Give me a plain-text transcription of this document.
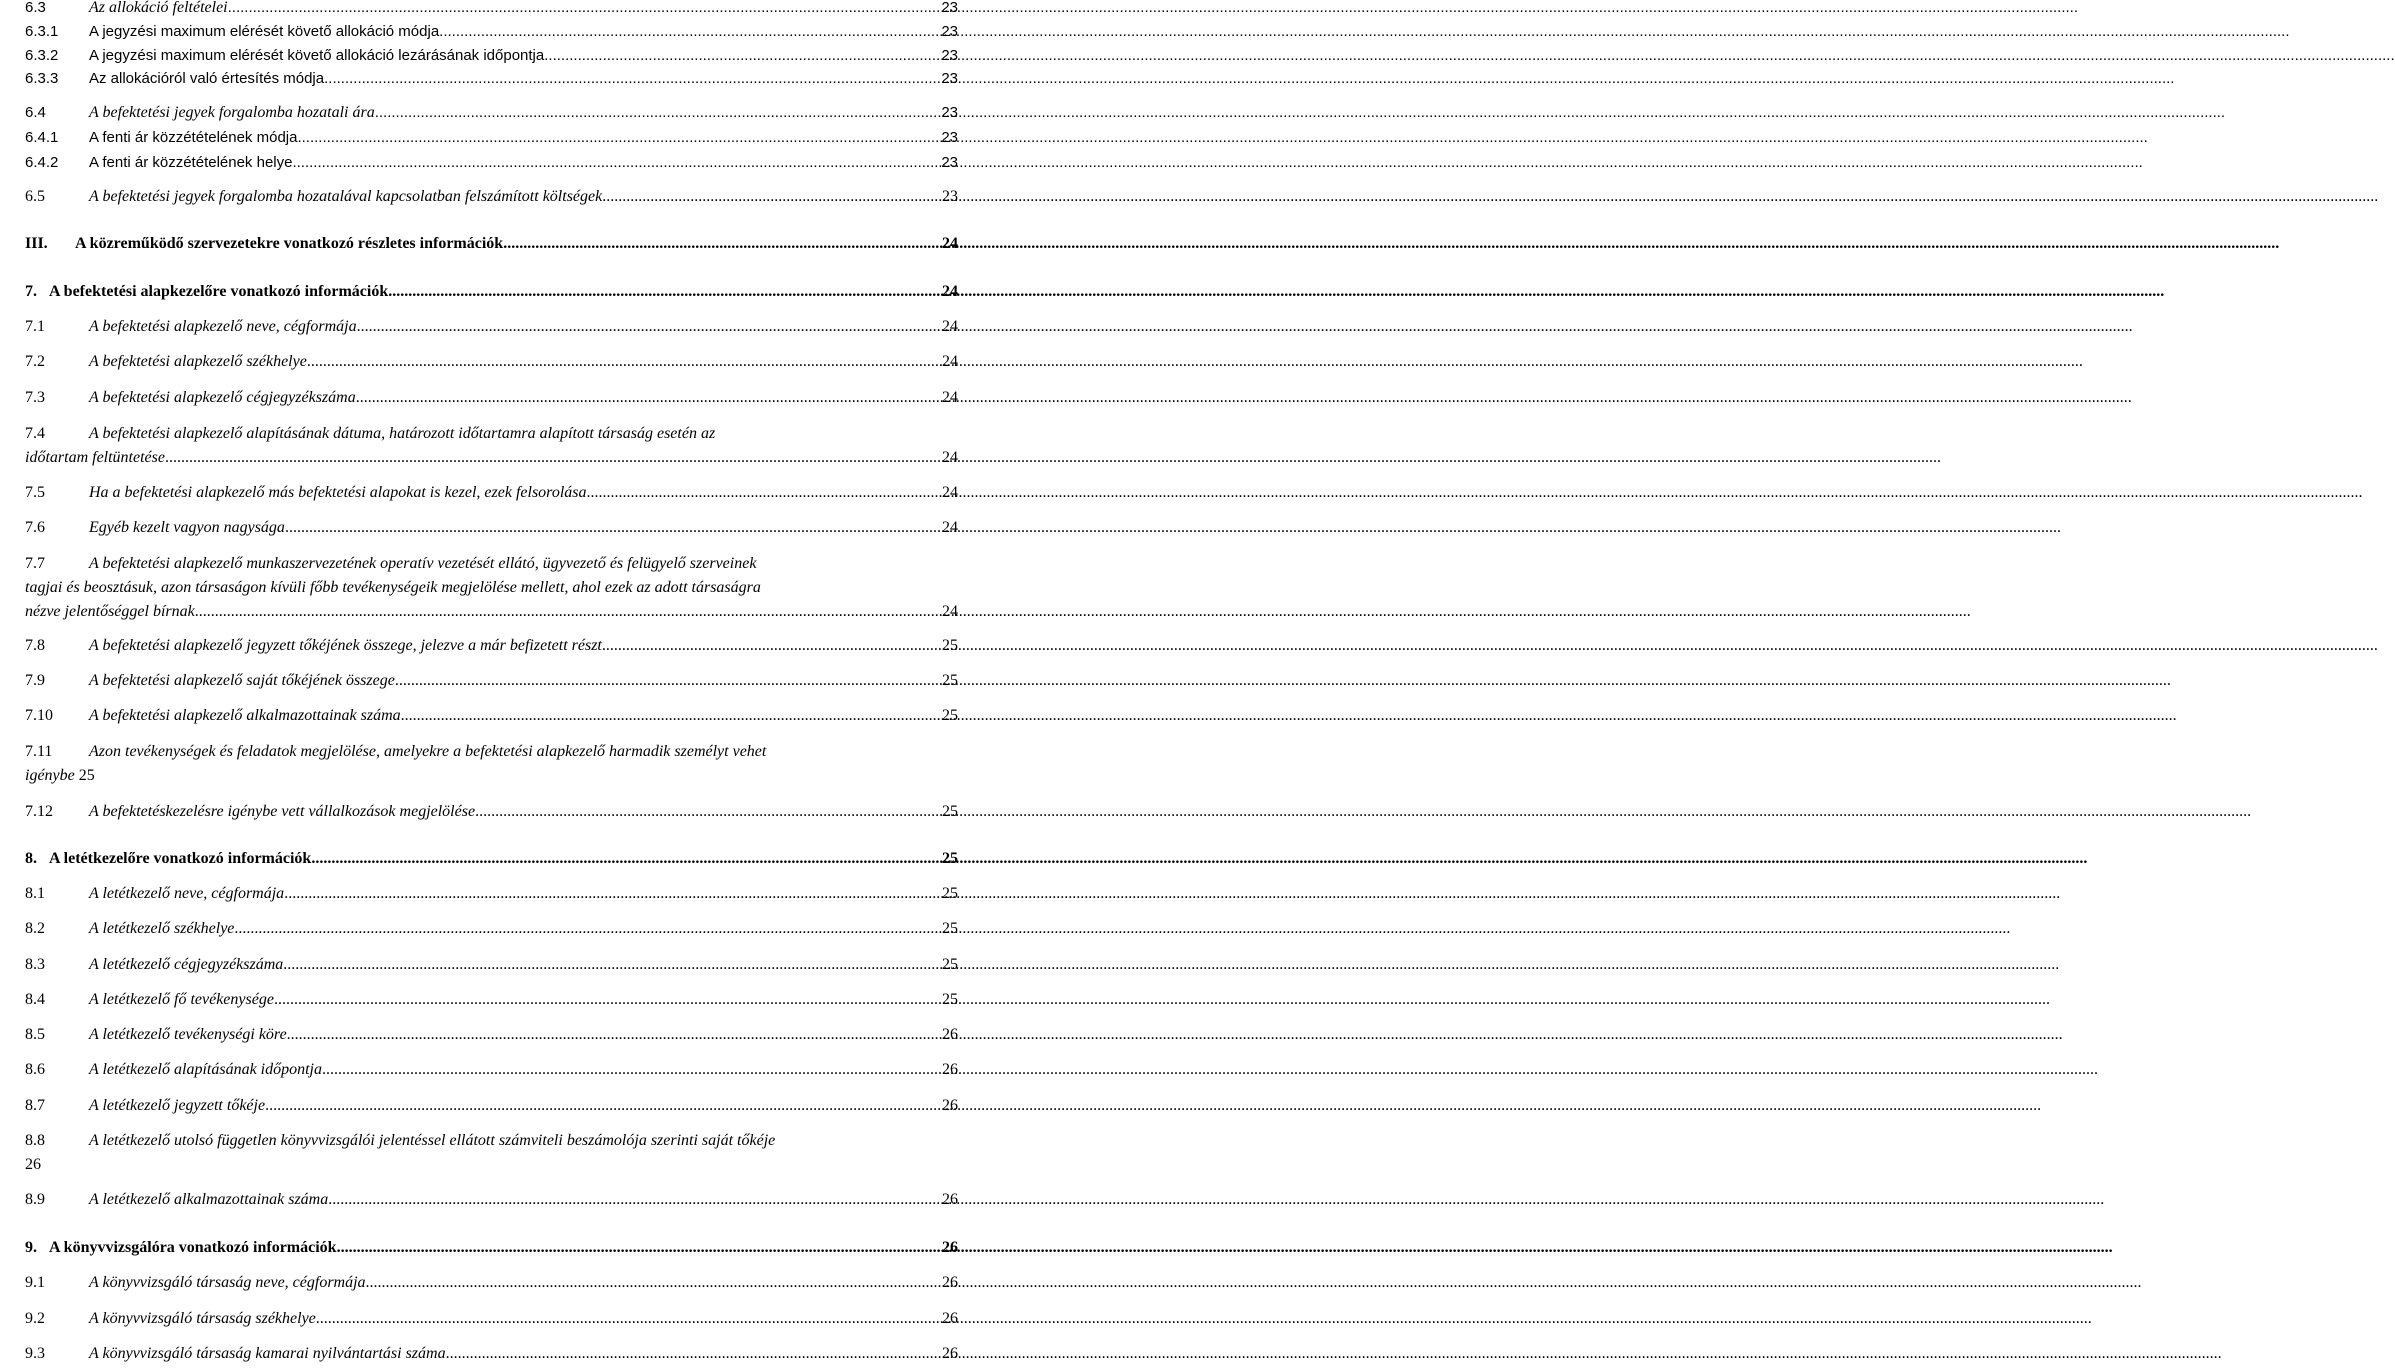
6.3	Az allokáció feltételei .....	23
6.3.1	A jegyzési maximum elérését követő allokáció módja .....	23
6.3.2	A jegyzési maximum elérését követő allokáció lezárásának időpontja .....	23
6.3.3	Az allokációról való értesítés módja .....	23
6.4	A befektetési jegyek forgalomba hozatali ára .....	23
6.4.1	A fenti ár közzétételének módja .....	23
6.4.2	A fenti ár közzétételének helye .....	23
6.5	A befektetési jegyek forgalomba hozatalával kapcsolatban felszámított költségek .....	23
III.	A közreműködő szervezetekre vonatkozó részletes információk .....	24
7. A befektetési alapkezelőre vonatkozó információk .....	24
7.1	A befektetési alapkezelő neve, cégformája .....	24
7.2	A befektetési alapkezelő székhelye .....	24
7.3	A befektetési alapkezelő cégjegyzékszáma .....	24
7.4	A befektetési alapkezelő alapításának dátuma, határozott időtartamra alapított társaság esetén az
időtartam feltüntetése .....	24
7.5	Ha a befektetési alapkezelő más befektetési alapokat is kezel, ezek felsorolása .....	24
7.6	Egyéb kezelt vagyon nagysága .....	24
7.7	A befektetési alapkezelő munkaszervezetének operatív vezetését ellátó, ügyvezető és felügyelő szerveinek
tagjai és beosztásuk, azon társaságon kívüli főbb tevékenységeik megjelölése mellett, ahol ezek az adott társaságra
nézve jelentőséggel bírnak .....	24
7.8	A befektetési alapkezelő jegyzett tőkéjének összege, jelezve a már befizetett részt .....	25
7.9	A befektetési alapkezelő saját tőkéjének összege .....	25
7.10	A befektetési alapkezelő alkalmazottainak száma .....	25
7.11	Azon tevékenységek és feladatok megjelölése, amelyekre a befektetési alapkezelő harmadik személyt vehet
igénybe 25
7.12	A befektetéskezelésre igénybe vett vállalkozások megjelölése .....	25
8. A letétkezelőre vonatkozó információk .....	25
8.1	A letétkezelő neve, cégformája .....	25
8.2	A letétkezelő székhelye .....	25
8.3	A letétkezelő cégjegyzékszáma .....	25
8.4	A letétkezelő fő tevékenysége .....	25
8.5	A letétkezelő tevékenységi köre .....	26
8.6	A letétkezelő alapításának időpontja .....	26
8.7	A letétkezelő jegyzett tőkéje .....	26
8.8	A letétkezelő utolsó független könyvvizsgálói jelentéssel ellátott számviteli beszámolója szerinti saját tőkéje
26
8.9	A letétkezelő alkalmazottainak száma .....	26
9. A könyvvizsgálóra vonatkozó információk .....	26
9.1	A könyvvizsgáló társaság neve, cégformája .....	26
9.2	A könyvvizsgáló társaság székhelye .....	26
9.3	A könyvvizsgáló társaság kamarai nyilvántartási száma .....	26
